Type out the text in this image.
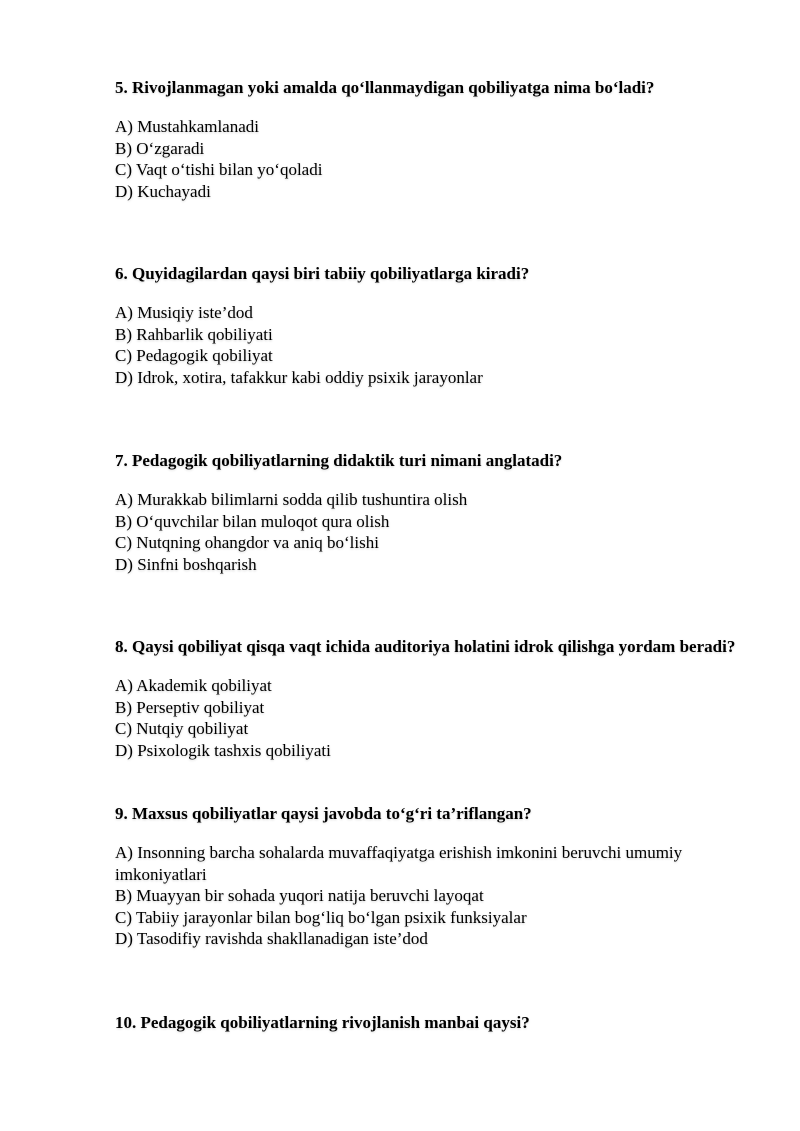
5. Rivojlanmagan yoki amalda qo‘llanmaydigan qobiliyatga nima bo‘ladi?

A) Mustahkamlanadi
B) O‘zgaradi
C) Vaqt o‘tishi bilan yo‘qoladi
D) Kuchayadi

6. Quyidagilardan qaysi biri tabiiy qobiliyatlarga kiradi?

A) Musiqiy iste’dod
B) Rahbarlik qobiliyati
C) Pedagogik qobiliyat
D) Idrok, xotira, tafakkur kabi oddiy psixik jarayonlar

7. Pedagogik qobiliyatlarning didaktik turi nimani anglatadi?

A) Murakkab bilimlarni sodda qilib tushuntira olish
B) O‘quvchilar bilan muloqot qura olish
C) Nutqning ohangdor va aniq bo‘lishi
D) Sinfni boshqarish

8. Qaysi qobiliyat qisqa vaqt ichida auditoriya holatini idrok qilishga yordam beradi?

A) Akademik qobiliyat
B) Perseptiv qobiliyat
C) Nutqiy qobiliyat
D) Psixologik tashxis qobiliyati

9. Maxsus qobiliyatlar qaysi javobda to‘g‘ri ta’riflangan?

A) Insonning barcha sohalarda muvaffaqiyatga erishish imkonini beruvchi umumiy imkoniyatlari
B) Muayyan bir sohada yuqori natija beruvchi layoqat
C) Tabiiy jarayonlar bilan bog‘liq bo‘lgan psixik funksiyalar
D) Tasodifiy ravishda shakllanadigan iste’dod

10. Pedagogik qobiliyatlarning rivojlanish manbai qaysi?
